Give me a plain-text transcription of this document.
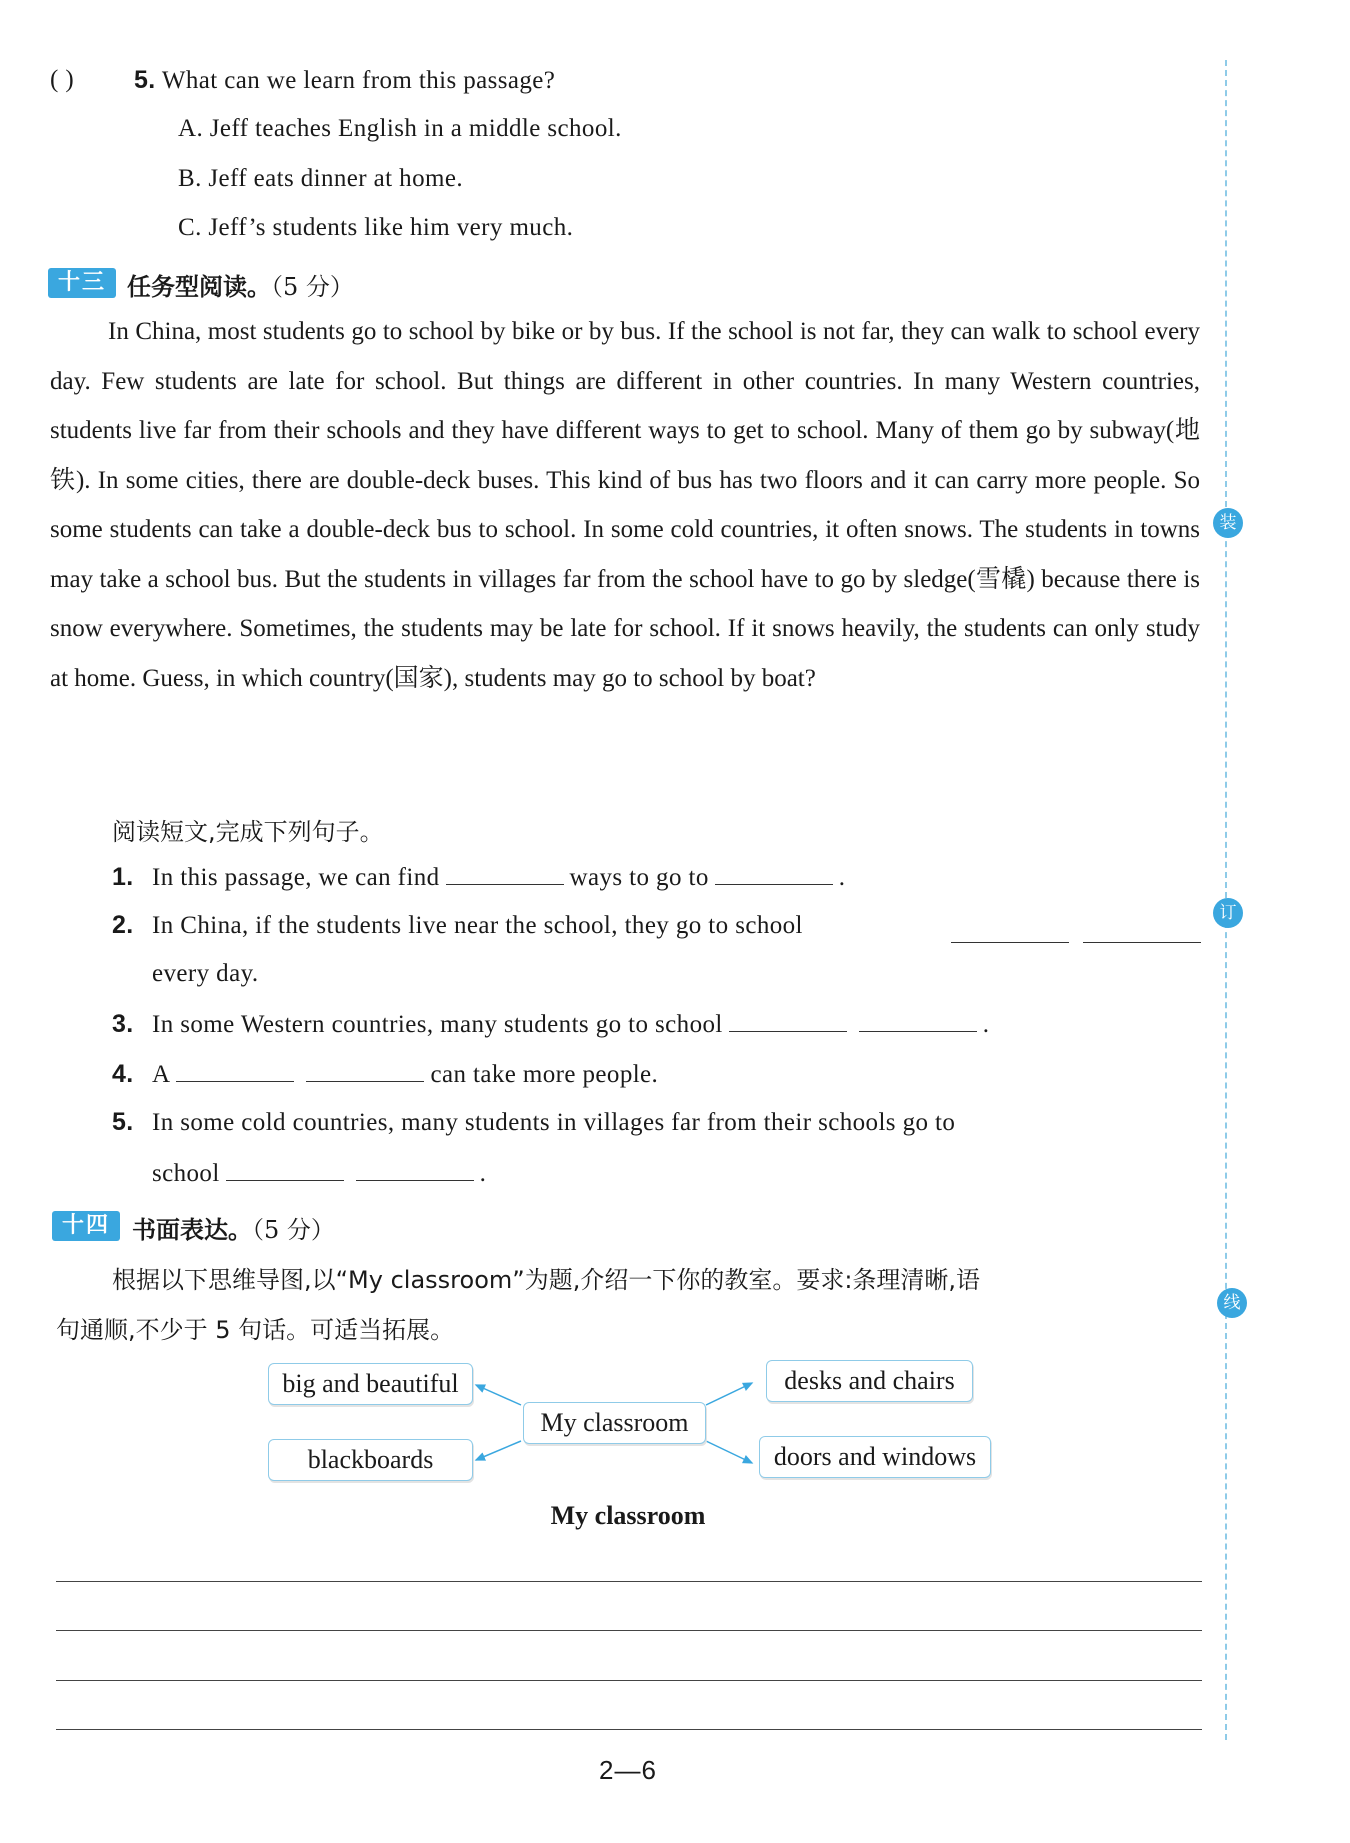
( ) 5. What can we learn from this passage?
A. Jeff teaches English in a middle school.
B. Jeff eats dinner at home.
C. Jeff’s students like him very much.
十三 任务型阅读。（5 分）

In China, most students go to school by bike or by bus. If the school is not far, they can walk to school every day. Few students are late for school. But things are different in other countries. In many Western countries, students live far from their schools and they have different ways to get to school. Many of them go by subway(地铁). In some cities, there are double-deck buses. This kind of bus has two floors and it can carry more people. So some students can take a double-deck bus to school. In some cold countries, it often snows. The students in towns may take a school bus. But the students in villages far from the school have to go by sledge(雪橇) because there is snow everywhere. Sometimes, the students may be late for school. If it snows heavily, the students can only study at home. Guess, in which country(国家), students may go to school by boat?

阅读短文,完成下列句子。
1. In this passage, we can find	ways to go to	.
2. In China, if the students live near the school, they go to school
every day.
3. In some Western countries, many students go to school	.
4. A	can take more people.
5. In some cold countries, many students in villages far from their schools go to
school	.
十四 书面表达。（5 分）
根据以下思维导图,以“My classroom”为题,介绍一下你的教室。要求:条理清晰,语
句通顺,不少于 5 句话。可适当拓展。
big and beautiful
blackboards
My classroom
desks and chairs
doors and windows
My classroom
装
订
线
2—6
